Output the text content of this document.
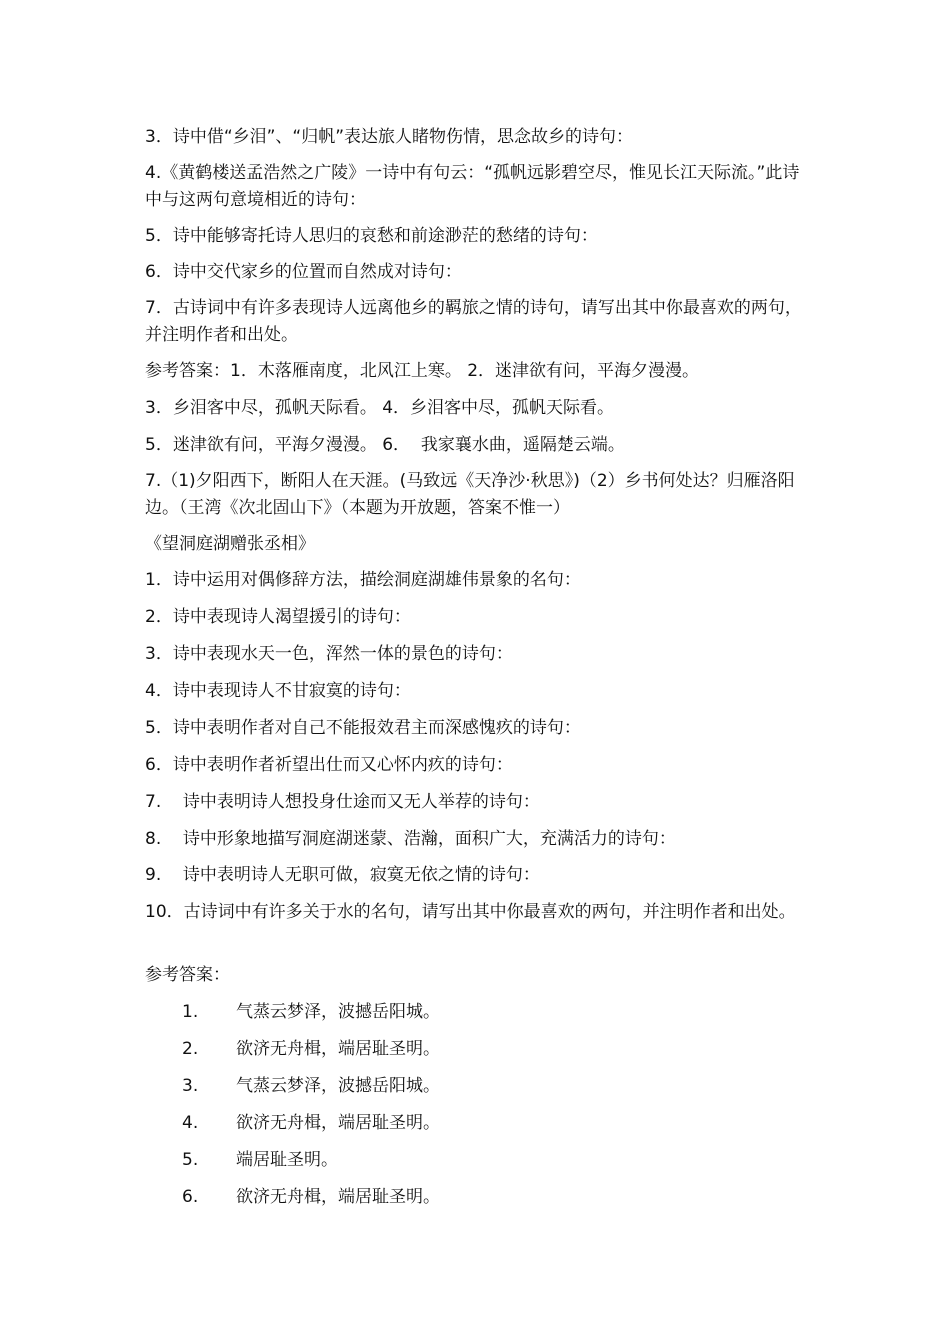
3．诗中借“乡泪”、“归帆”表达旅人睹物伤情，思念故乡的诗句：
4.《黄鹤楼送孟浩然之广陵》一诗中有句云：“孤帆远影碧空尽，惟见长江天际流。”此诗中与这两句意境相近的诗句：
5．诗中能够寄托诗人思归的哀愁和前途渺茫的愁绪的诗句：
6．诗中交代家乡的位置而自然成对诗句：
7．古诗词中有许多表现诗人远离他乡的羁旅之情的诗句，请写出其中你最喜欢的两句，并注明作者和出处。
参考答案：1．木落雁南度，北风江上寒。 2．迷津欲有问，平海夕漫漫。
3．乡泪客中尽，孤帆天际看。 4．乡泪客中尽，孤帆天际看。
5．迷津欲有问，平海夕漫漫。 6．  我家襄水曲，遥隔楚云端。
7.（1)夕阳西下，断阳人在天涯。(马致远《天净沙·秋思》)（2）乡书何处达？归雁洛阳边。（王湾《次北固山下》（本题为开放题，答案不惟一）
《望洞庭湖赠张丞相》
1．诗中运用对偶修辞方法，描绘洞庭湖雄伟景象的名句：
2．诗中表现诗人渴望援引的诗句：
3．诗中表现水天一色，浑然一体的景色的诗句：
4．诗中表现诗人不甘寂寞的诗句：
5．诗中表明作者对自己不能报效君主而深感愧疚的诗句：
6．诗中表明作者祈望出仕而又心怀内疚的诗句：
7.    诗中表明诗人想投身仕途而又无人举荐的诗句：
8.    诗中形象地描写洞庭湖迷蒙、浩瀚，面积广大，充满活力的诗句：
9.    诗中表明诗人无职可做，寂寞无依之情的诗句：
10．古诗词中有许多关于水的名句，请写出其中你最喜欢的两句，并注明作者和出处。
参考答案：
1. 气蒸云梦泽，波撼岳阳城。
2. 欲济无舟楫，端居耻圣明。
3. 气蒸云梦泽，波撼岳阳城。
4. 欲济无舟楫，端居耻圣明。
5. 端居耻圣明。
6. 欲济无舟楫，端居耻圣明。
